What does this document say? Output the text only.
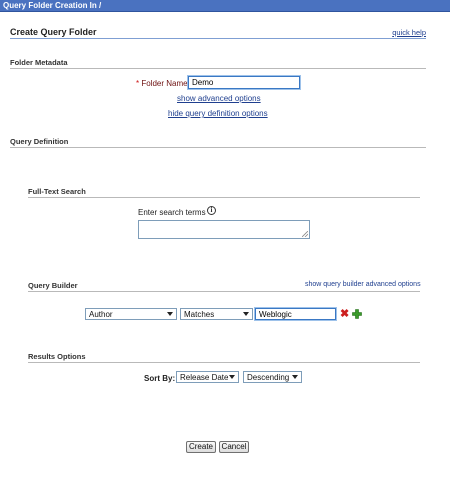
Query Folder Creation In /
Create Query Folder	quick help
Folder Metadata
* Folder Name
Demo
show advanced options
hide query definition options
Query Definition
Full-Text Search
Enter search terms i
Query Builder	show query builder advanced options
Author	Matches
Weblogic	✖
Results Options
Sort By: Release Date	Descending
Create	Cancel
